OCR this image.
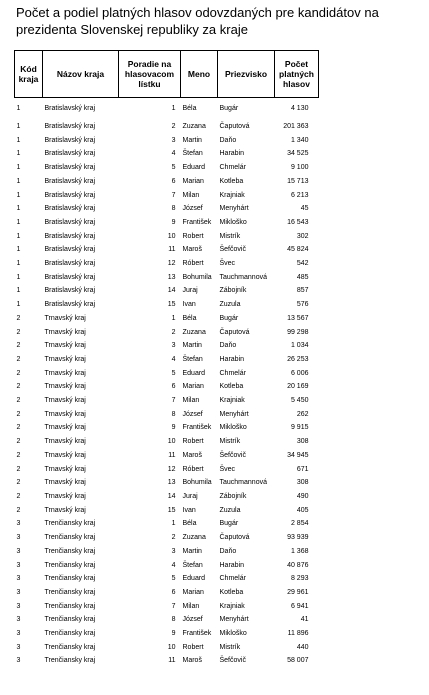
Počet a podiel platných hlasov odovzdaných pre kandidátov na prezidenta Slovenskej republiky za kraje
Kód kraja	Názov kraja	Poradie na hlasovacom lístku	Meno	Priezvisko	Počet platných hlasov
1	Bratislavský kraj	1	Béla	Bugár	4 130
1	Bratislavský kraj	2	Zuzana	Čaputová	201 363
1	Bratislavský kraj	3	Martin	Daňo	1 340
1	Bratislavský kraj	4	Štefan	Harabin	34 525
1	Bratislavský kraj	5	Eduard	Chmelár	9 100
1	Bratislavský kraj	6	Marian	Kotleba	15 713
1	Bratislavský kraj	7	Milan	Krajniak	6 213
1	Bratislavský kraj	8	József	Menyhárt	45
1	Bratislavský kraj	9	František	Mikloško	16 543
1	Bratislavský kraj	10	Robert	Mistrík	302
1	Bratislavský kraj	11	Maroš	Šefčovič	45 824
1	Bratislavský kraj	12	Róbert	Švec	542
1	Bratislavský kraj	13	Bohumila	Tauchmannová	485
1	Bratislavský kraj	14	Juraj	Zábojník	857
1	Bratislavský kraj	15	Ivan	Zuzula	576
2	Trnavský kraj	1	Béla	Bugár	13 567
2	Trnavský kraj	2	Zuzana	Čaputová	99 298
2	Trnavský kraj	3	Martin	Daňo	1 034
2	Trnavský kraj	4	Štefan	Harabin	26 253
2	Trnavský kraj	5	Eduard	Chmelár	6 006
2	Trnavský kraj	6	Marian	Kotleba	20 169
2	Trnavský kraj	7	Milan	Krajniak	5 450
2	Trnavský kraj	8	József	Menyhárt	262
2	Trnavský kraj	9	František	Mikloško	9 915
2	Trnavský kraj	10	Robert	Mistrík	308
2	Trnavský kraj	11	Maroš	Šefčovič	34 945
2	Trnavský kraj	12	Róbert	Švec	671
2	Trnavský kraj	13	Bohumila	Tauchmannová	308
2	Trnavský kraj	14	Juraj	Zábojník	490
2	Trnavský kraj	15	Ivan	Zuzula	405
3	Trenčiansky kraj	1	Béla	Bugár	2 854
3	Trenčiansky kraj	2	Zuzana	Čaputová	93 939
3	Trenčiansky kraj	3	Martin	Daňo	1 368
3	Trenčiansky kraj	4	Štefan	Harabin	40 876
3	Trenčiansky kraj	5	Eduard	Chmelár	8 293
3	Trenčiansky kraj	6	Marian	Kotleba	29 961
3	Trenčiansky kraj	7	Milan	Krajniak	6 941
3	Trenčiansky kraj	8	József	Menyhárt	41
3	Trenčiansky kraj	9	František	Mikloško	11 896
3	Trenčiansky kraj	10	Robert	Mistrík	440
3	Trenčiansky kraj	11	Maroš	Šefčovič	58 007
